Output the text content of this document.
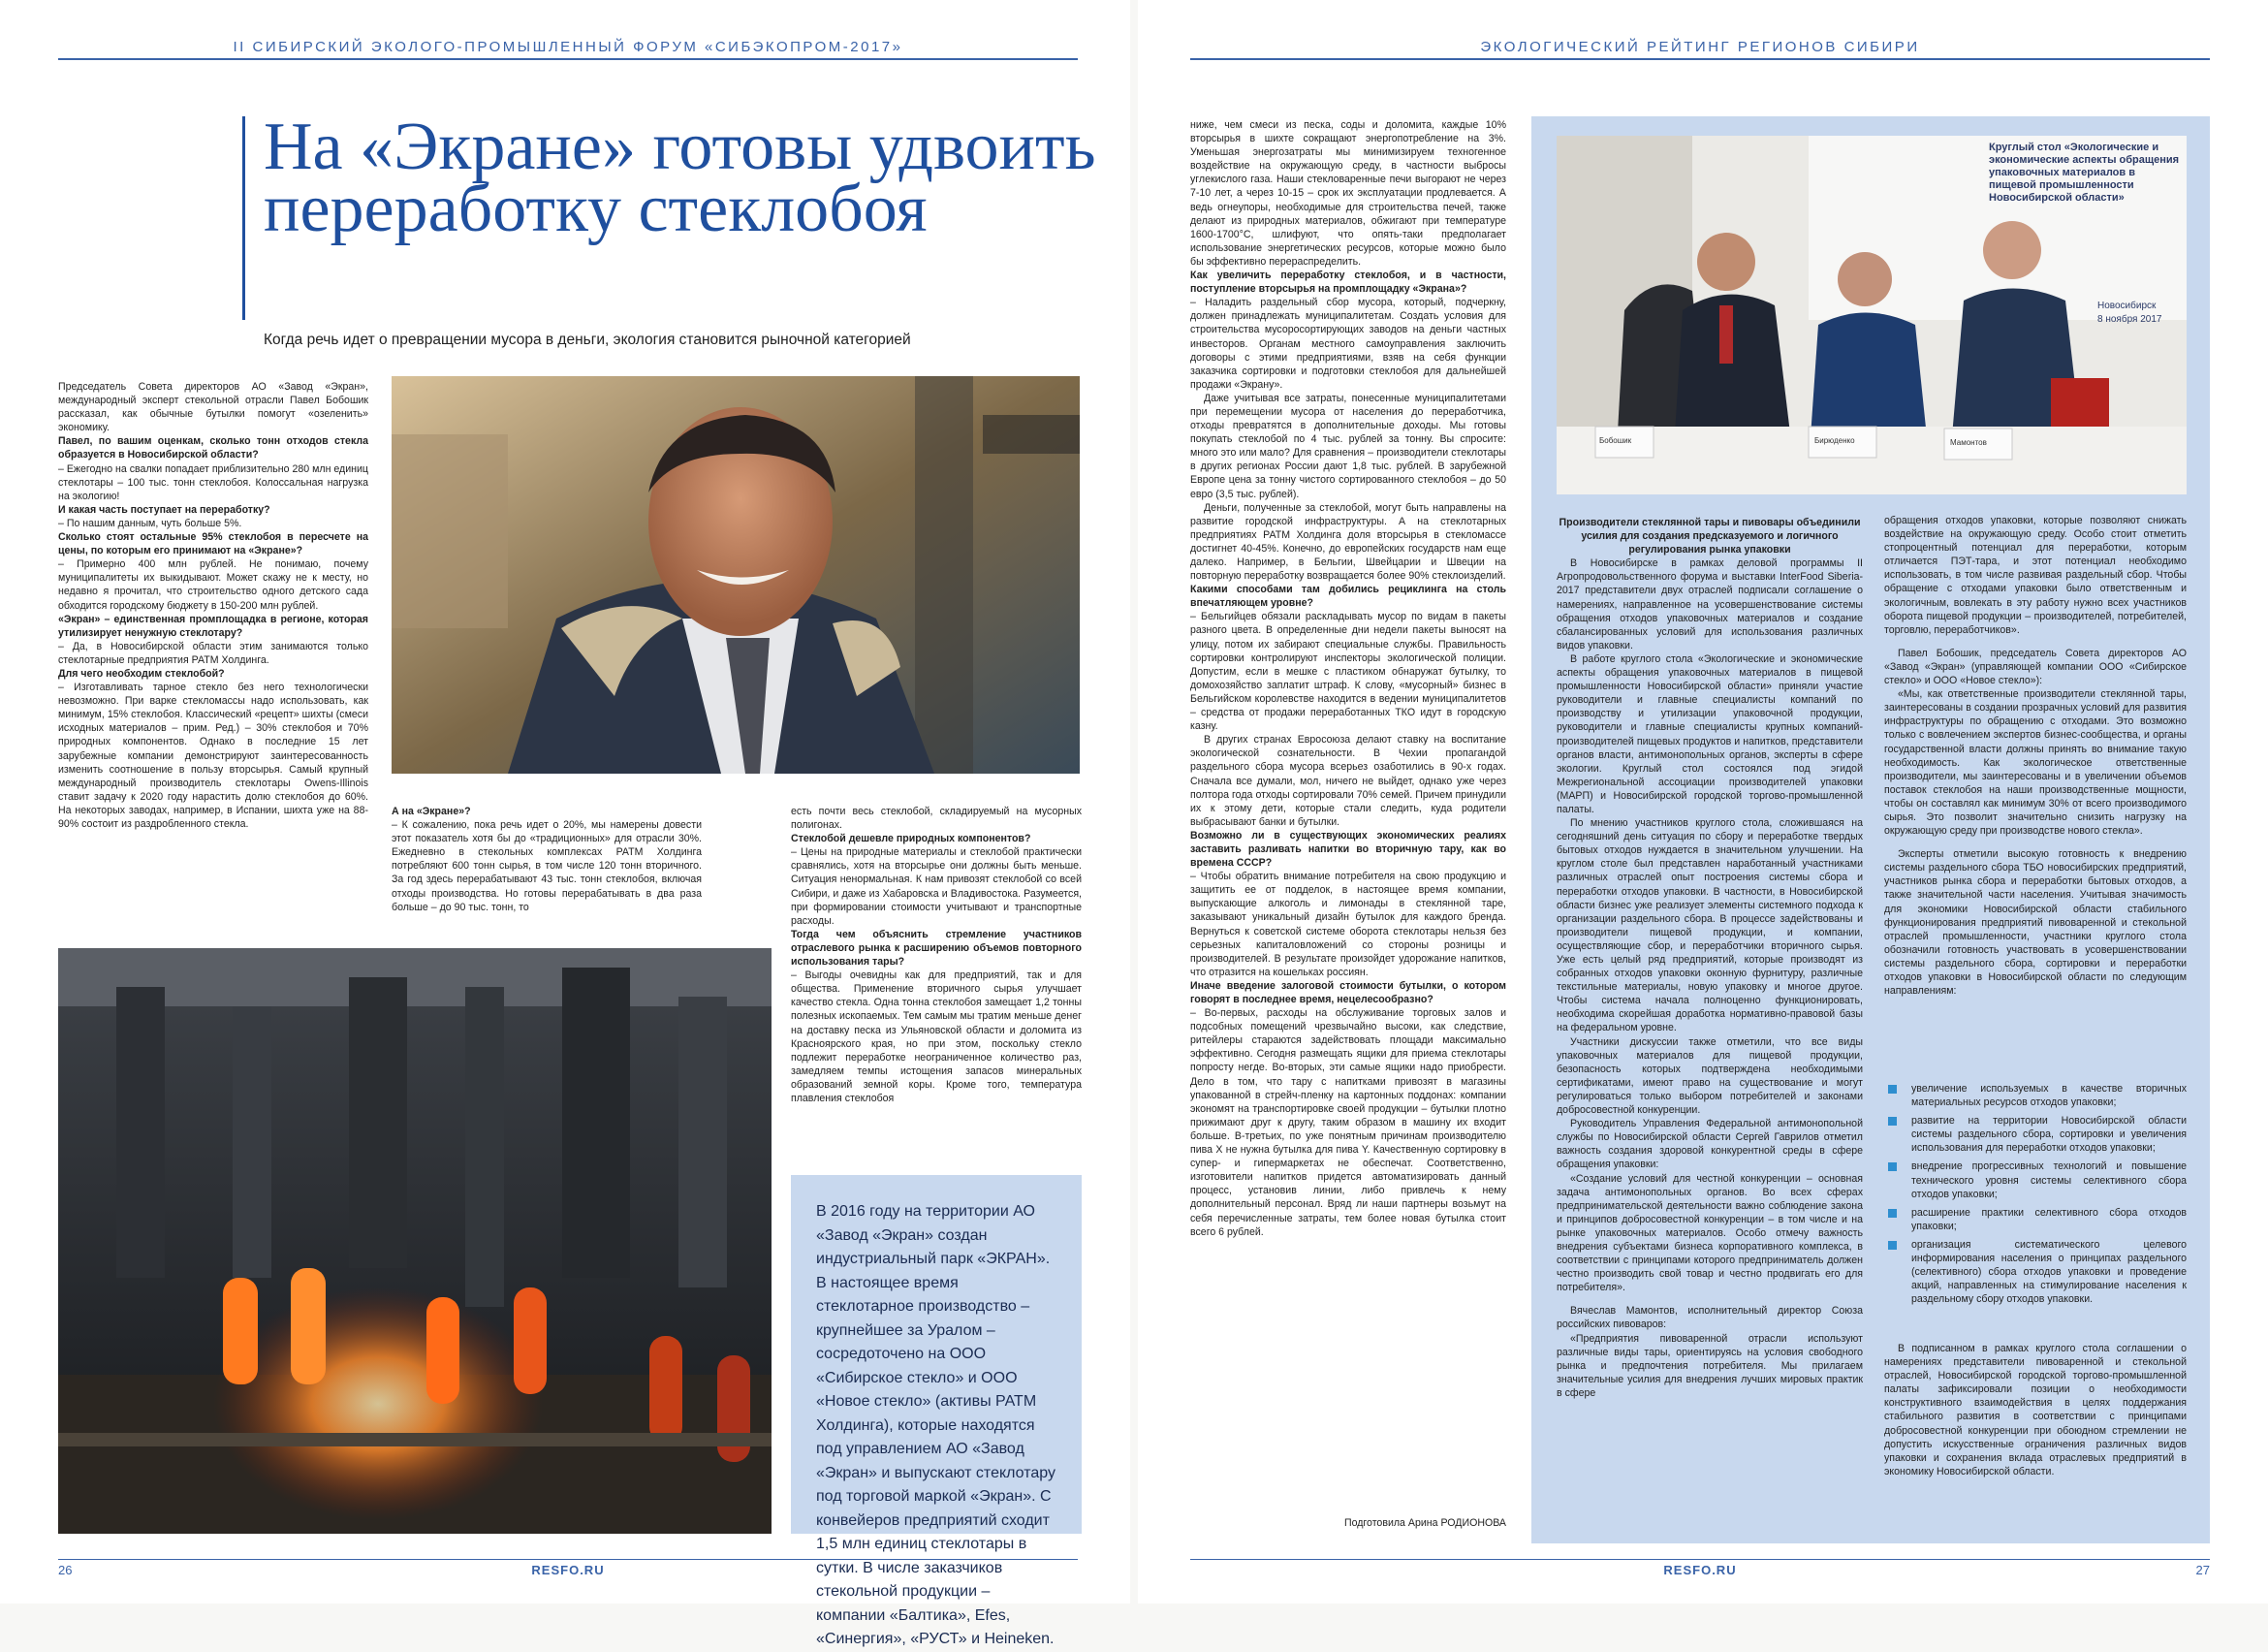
II СИБИРСКИЙ ЭКОЛОГО-ПРОМЫШЛЕННЫЙ ФОРУМ «СИБЭКОПРОМ-2017»
На «Экране» готовы удвоить переработку стеклобоя
Когда речь идет о превращении мусора в деньги, экология становится рыночной категорией

Председатель Совета директоров АО «Завод «Экран», международный эксперт стекольной отрасли Павел Бобошик рассказал, как обычные бутылки помогут «озеленить» экономику.

Павел, по вашим оценкам, сколько тонн отходов стекла образуется в Новосибирской области?

– Ежегодно на свалки попадает приблизительно 280 млн единиц стеклотары – 100 тыс. тонн стеклобоя. Колоссальная нагрузка на экологию!

И какая часть поступает на переработку?

– По нашим данным, чуть больше 5%.

Сколько стоят остальные 95% стеклобоя в пересчете на цены, по которым его принимают на «Экране»?

– Примерно 400 млн рублей. Не понимаю, почему муниципалитеты их выкидывают. Может скажу не к месту, но недавно я прочитал, что строительство одного детского сада обходится городскому бюджету в 150-200 млн рублей.

«Экран» – единственная промплощадка в регионе, которая утилизирует ненужную стеклотару?

– Да, в Новосибирской области этим занимаются только стеклотарные предприятия РАТМ Холдинга.

Для чего необходим стеклобой?

– Изготавливать тарное стекло без него технологически невозможно. При варке стекломассы надо использовать, как минимум, 15% стеклобоя. Классический «рецепт» шихты (смеси исходных материалов – прим. Ред.) – 30% стеклобоя и 70% природных компонентов. Однако в последние 15 лет зарубежные компании демонстрируют заинтересованность изменить соотношение в пользу вторсырья. Самый крупный международный производитель стеклотары Owens-Illinois ставит задачу к 2020 году нарастить долю стеклобоя до 60%. На некоторых заводах, например, в Испании, шихта уже на 88-90% состоит из раздробленного стекла.

А на «Экране»?

– К сожалению, пока речь идет о 20%, мы намерены довести этот показатель хотя бы до «традиционных» для отрасли 30%. Ежедневно в стекольных комплексах РАТМ Холдинга потребляют 600 тонн сырья, в том числе 120 тонн вторичного. За год здесь перерабатывают 43 тыс. тонн стеклобоя, включая отходы производства. Но готовы перерабатывать в два раза больше – до 90 тыс. тонн, то

есть почти весь стеклобой, складируемый на мусорных полигонах.

Стеклобой дешевле природных компонентов?

– Цены на природные материалы и стеклобой практически сравнялись, хотя на вторсырье они должны быть меньше. Ситуация ненормальная. К нам привозят стеклобой со всей Сибири, и даже из Хабаровска и Владивостока. Разумеется, при формировании стоимости учитывают и транспортные расходы.

Тогда чем объяснить стремление участников отраслевого рынка к расширению объемов повторного использования тары?

– Выгоды очевидны как для предприятий, так и для общества. Применение вторичного сырья улучшает качество стекла. Одна тонна стеклобоя замещает 1,2 тонны полезных ископаемых. Тем самым мы тратим меньше денег на доставку песка из Ульяновской области и доломита из Красноярского края, но при этом, поскольку стекло подлежит переработке неограниченное количество раз, замедляем темпы истощения запасов минеральных образований земной коры. Кроме того, температура плавления стеклобоя

В 2016 году на территории АО «Завод «Экран» создан индустриальный парк «ЭКРАН». В настоящее время стеклотарное производство – крупнейшее за Уралом – сосредоточено на ООО «Сибирское стекло» и ООО «Новое стекло» (активы РАТМ Холдинга), которые находятся под управлением АО «Завод «Экран» и выпускают стеклотару под торговой маркой «Экран». С конвейеров предприятий сходит 1,5 млн единиц стеклотары в сутки. В числе заказчиков стекольной продукции – компании «Балтика», Efes, «Синергия», «РУСТ» и Heineken.
26	RESFO.RU
ЭКОЛОГИЧЕСКИЙ РЕЙТИНГ РЕГИОНОВ СИБИРИ

ниже, чем смеси из песка, соды и доломита, каждые 10% вторсырья в шихте сокращают энергопотребление на 3%. Уменьшая энергозатраты мы минимизируем техногенное воздействие на окружающую среду, в частности выбросы углекислого газа. Наши стекловаренные печи выгорают не через 7-10 лет, а через 10-15 – срок их эксплуатации продлевается. А ведь огнеупоры, необходимые для строительства печей, также делают из природных материалов, обжигают при температуре 1600-1700°С, шлифуют, что опять-таки предполагает использование энергетических ресурсов, которые можно было бы эффективно перераспределить.

Как увеличить переработку стеклобоя, и в частности, поступление вторсырья на промплощадку «Экрана»?

– Наладить раздельный сбор мусора, который, подчеркну, должен принадлежать муниципалитетам. Создать условия для строительства мусоросортирующих заводов на деньги частных инвесторов. Органам местного самоуправления заключить договоры с этими предприятиями, взяв на себя функции заказчика сортировки и подготовки стеклобоя для дальнейшей продажи «Экрану».

Даже учитывая все затраты, понесенные муниципалитетами при перемещении мусора от населения до переработчика, отходы превратятся в дополнительные доходы. Мы готовы покупать стеклобой по 4 тыс. рублей за тонну. Вы спросите: много это или мало? Для сравнения – производители стеклотары в других регионах России дают 1,8 тыс. рублей. В зарубежной Европе цена за тонну чистого сортированного стеклобоя – до 50 евро (3,5 тыс. рублей).

Деньги, полученные за стеклобой, могут быть направлены на развитие городской инфраструктуры. А на стеклотарных предприятиях РАТМ Холдинга доля вторсырья в стекломассе достигнет 40-45%. Конечно, до европейских государств нам еще далеко. Например, в Бельгии, Швейцарии и Швеции на повторную переработку возвращается более 90% стеклоизделий.

Какими способами там добились рециклинга на столь впечатляющем уровне?

– Бельгийцев обязали раскладывать мусор по видам в пакеты разного цвета. В определенные дни недели пакеты выносят на улицу, потом их забирают специальные службы. Правильность сортировки контролируют инспекторы экологической полиции. Допустим, если в мешке с пластиком обнаружат бутылку, то домохозяйство заплатит штраф. К слову, «мусорный» бизнес в Бельгийском королевстве находится в ведении муниципалитетов – средства от продажи переработанных ТКО идут в городскую казну.

В других странах Евросоюза делают ставку на воспитание экологической сознательности. В Чехии пропагандой раздельного сбора мусора всерьез озаботились в 90-х годах. Сначала все думали, мол, ничего не выйдет, однако уже через полтора года отходы сортировали 70% семей. Причем принудили их к этому дети, которые стали следить, куда родители выбрасывают банки и бутылки.

Возможно ли в существующих экономических реалиях заставить разливать напитки во вторичную тару, как во времена СССР?

– Чтобы обратить внимание потребителя на свою продукцию и защитить ее от подделок, в настоящее время компании, выпускающие алкоголь и лимонады в стеклянной таре, заказывают уникальный дизайн бутылок для каждого бренда. Вернуться к советской системе оборота стеклотары нельзя без серьезных капиталовложений со стороны розницы и производителей. В результате произойдет удорожание напитков, что отразится на кошельках россиян.

Иначе введение залоговой стоимости бутылки, о котором говорят в последнее время, нецелесообразно?

– Во-первых, расходы на обслуживание торговых залов и подсобных помещений чрезвычайно высоки, как следствие, ритейлеры стараются задействовать площади максимально эффективно. Сегодня размещать ящики для приема стеклотары попросту негде. Во-вторых, эти самые ящики надо приобрести. Дело в том, что тару с напитками привозят в магазины упакованной в стрейч-пленку на картонных поддонах: компании экономят на транспортировке своей продукции – бутылки плотно прижимают друг к другу, таким образом в машину их входит больше. В-третьих, по уже понятным причинам производителю пива Х не нужна бутылка для пива Y. Качественную сортировку в супер- и гипермаркетах не обеспечат. Соответственно, изготовители напитков придется автоматизировать данный процесс, установив линии, либо привлечь к нему дополнительный персонал. Вряд ли наши партнеры возьмут на себя перечисленные затраты, тем более новая бутылка стоит всего 6 рублей.

Подготовила Арина РОДИОНОВА

Круглый стол «Экологические и экономические аспекты обращения упаковочных материалов в пищевой промышленности Новосибирской области»
Новосибирск
8 ноября 2017
Бобошик	Бирюденко	Мамонтов

Производители стеклянной тары и пивовары объединили усилия для создания предсказуемого и логичного регулирования рынка упаковки

В Новосибирске в рамках деловой программы II Агропродовольственного форума и выставки InterFood Siberia-2017 представители двух отраслей подписали соглашение о намерениях, направленное на усовершенствование системы обращения отходов упаковочных материалов и создание сбалансированных условий для использования различных видов упаковки.

В работе круглого стола «Экологические и экономические аспекты обращения упаковочных материалов в пищевой промышленности Новосибирской области» приняли участие руководители и главные специалисты компаний по производству и утилизации упаковочной продукции, руководители и главные специалисты крупных компаний-производителей пищевых продуктов и напитков, представители органов власти, антимонопольных органов, эксперты в сфере экологии. Круглый стол состоялся под эгидой Межрегиональной ассоциации производителей упаковки (МАРП) и Новосибирской городской торгово-промышленной палаты.

По мнению участников круглого стола, сложившаяся на сегодняшний день ситуация по сбору и переработке твердых бытовых отходов нуждается в значительном улучшении. На круглом столе был представлен наработанный участниками различных отраслей опыт построения системы сбора и переработки отходов упаковки. В частности, в Новосибирской области бизнес уже реализует элементы системного подхода к организации раздельного сбора. В процессе задействованы и производители пищевой продукции, и компании, осуществляющие сбор, и переработчики вторичного сырья. Уже есть целый ряд предприятий, которые производят из собранных отходов упаковки оконную фурнитуру, различные текстильные материалы, новую упаковку и многое другое. Чтобы система начала полноценно функционировать, необходима скорейшая доработка нормативно-правовой базы на федеральном уровне.

Участники дискуссии также отметили, что все виды упаковочных материалов для пищевой продукции, безопасность которых подтверждена необходимыми сертификатами, имеют право на существование и могут регулироваться только выбором потребителей и законами добросовестной конкуренции.

Руководитель Управления Федеральной антимонопольной службы по Новосибирской области Сергей Гаврилов отметил важность создания здоровой конкурентной среды в сфере обращения упаковки:

«Создание условий для честной конкуренции – основная задача антимонопольных органов. Во всех сферах предпринимательской деятельности важно соблюдение закона и принципов добросовестной конкуренции – в том числе и на рынке упаковочных материалов. Особо отмечу важность внедрения субъектами бизнеса корпоративного комплекса, в соответствии с принципами которого предприниматель должен честно производить свой товар и честно продвигать его для потребителя».

Вячеслав Мамонтов, исполнительный директор Союза российских пивоваров:

«Предприятия пивоваренной отрасли используют различные виды тары, ориентируясь на условия свободного рынка и предпочтения потребителя. Мы прилагаем значительные усилия для внедрения лучших мировых практик в сфере

обращения отходов упаковки, которые позволяют снижать воздействие на окружающую среду. Особо стоит отметить стопроцентный потенциал для переработки, которым отличается ПЭТ-тара, и этот потенциал необходимо использовать, в том числе развивая раздельный сбор. Чтобы обращение с отходами упаковки было ответственным и экологичным, вовлекать в эту работу нужно всех участников оборота пищевой продукции – производителей, потребителей, торговлю, переработчиков».

Павел Бобошик, председатель Совета директоров АО «Завод «Экран» (управляющей компании ООО «Сибирское стекло» и ООО «Новое стекло»):

«Мы, как ответственные производители стеклянной тары, заинтересованы в создании прозрачных условий для развития инфраструктуры по обращению с отходами. Это возможно только с вовлечением экспертов бизнес-сообщества, и органы государственной власти должны принять во внимание такую необходимость. Как экологическое ответственные производители, мы заинтересованы и в увеличении объемов поставок стеклобоя на наши производственные мощности, чтобы он составлял как минимум 30% от всего производимого сырья. Это позволит значительно снизить нагрузку на окружающую среду при производстве нового стекла».

Эксперты отметили высокую готовность к внедрению системы раздельного сбора ТБО новосибирских предприятий, участников рынка сбора и переработки бытовых отходов, а также значительной части населения. Учитывая значимость для экономики Новосибирской области стабильного функционирования предприятий пивоваренной и стекольной отраслей промышленности, участники круглого стола обозначили готовность участвовать в усовершенствовании системы раздельного сбора, сортировки и переработки отходов упаковки в Новосибирской области по следующим направлениям:

увеличение используемых в качестве вторичных материальных ресурсов отходов упаковки;
развитие на территории Новосибирской области системы раздельного сбора, сортировки и увеличения использования для переработки отходов упаковки;
внедрение прогрессивных технологий и повышение технического уровня системы селективного сбора отходов упаковки;
расширение практики селективного сбора отходов упаковки;
организация систематического целевого информирования населения о принципах раздельного (селективного) сбора отходов упаковки и проведение акций, направленных на стимулирование населения к раздельному сбору отходов упаковки.

В подписанном в рамках круглого стола соглашении о намерениях представители пивоваренной и стекольной отраслей, Новосибирской городской торгово-промышленной палаты зафиксировали позиции о необходимости конструктивного взаимодействия в целях поддержания стабильного развития в соответствии с принципами добросовестной конкуренции при обоюдном стремлении не допустить искусственные ограничения различных видов упаковки и сохранения вклада отраслевых предприятий в экономику Новосибирской области.

RESFO.RU	27
